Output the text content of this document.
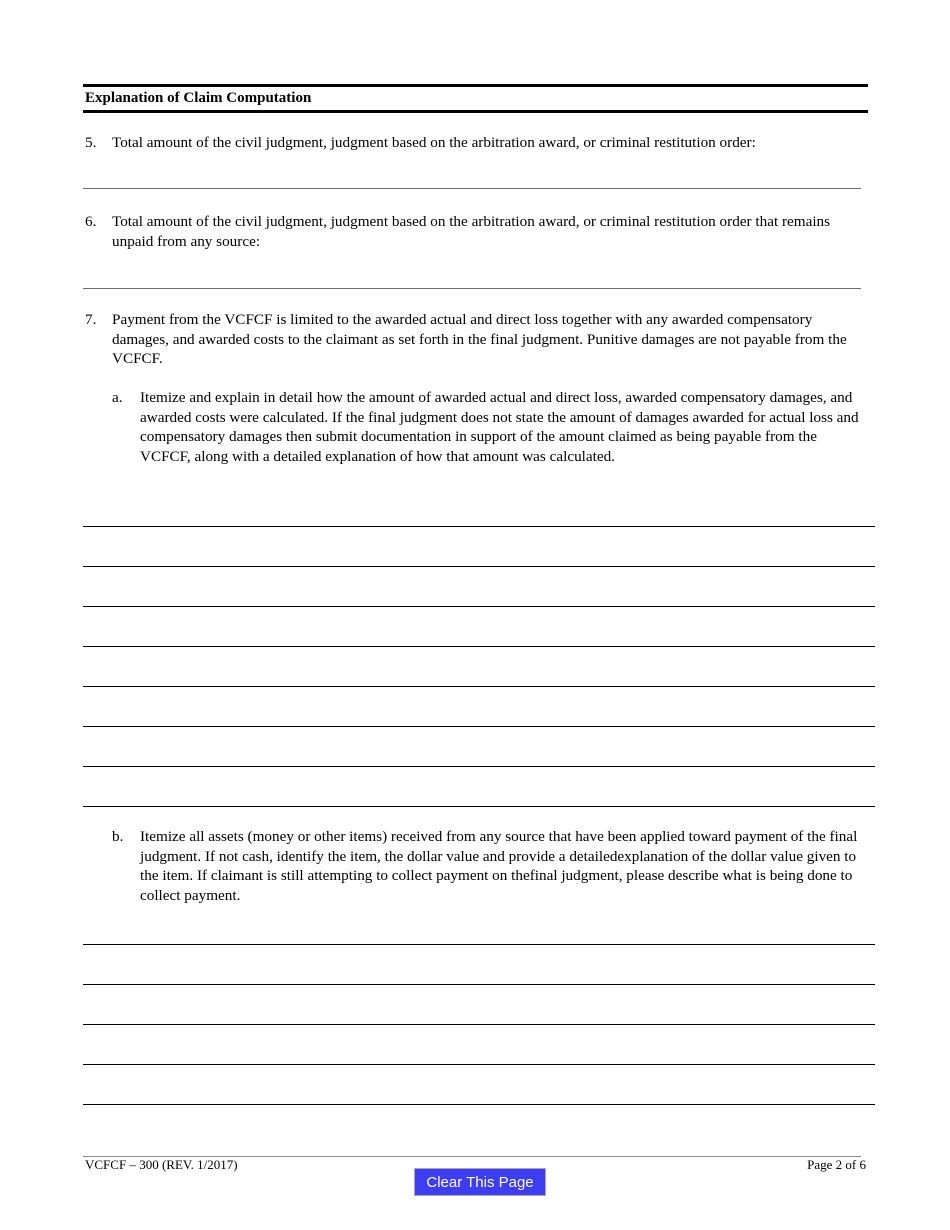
Explanation of Claim Computation
5. Total amount of the civil judgment, judgment based on the arbitration award, or criminal restitution order:
6. Total amount of the civil judgment, judgment based on the arbitration award, or criminal restitution order that remains unpaid from any source:
7. Payment from the VCFCF is limited to the awarded actual and direct loss together with any awarded compensatory damages, and awarded costs to the claimant as set forth in the final judgment. Punitive damages are not payable from the VCFCF.
a. Itemize and explain in detail how the amount of awarded actual and direct loss, awarded compensatory damages, and awarded costs were calculated. If the final judgment does not state the amount of damages awarded for actual loss and compensatory damages then submit documentation in support of the amount claimed as being payable from the VCFCF, along with a detailed explanation of how that amount was calculated.
b. Itemize all assets (money or other items) received from any source that have been applied toward payment of the final judgment. If not cash, identify the item, the dollar value and provide a detailedexplanation of the dollar value given to the item. If claimant is still attempting to collect payment on thefinal judgment, please describe what is being done to collect payment.
VCFCF – 300 (REV. 1/2017)	Page 2 of 6
Clear This Page
